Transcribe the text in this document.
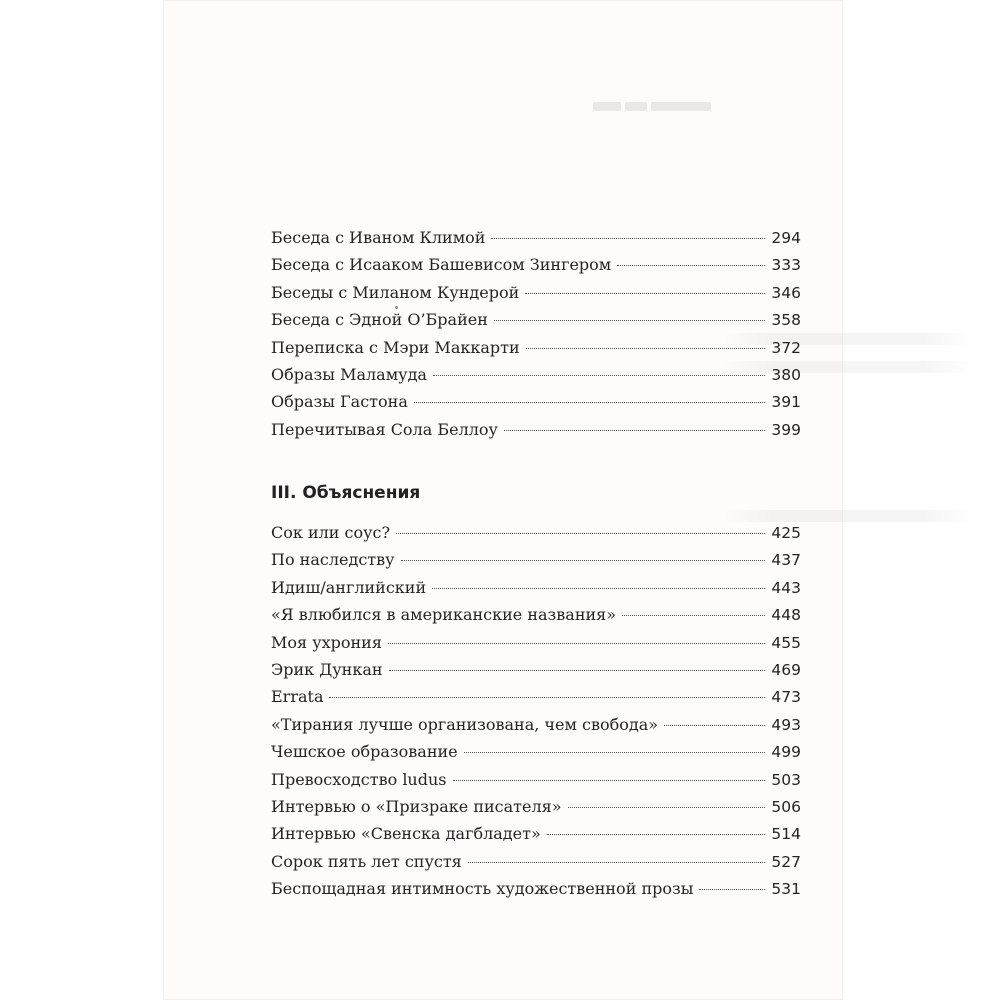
Беседа с Иваном Климой	294
Беседа с Исааком Башевисом Зингером	333
Беседы с Миланом Кундерой	346
Беседа с Эдной О’Брайен	358
Переписка с Мэри Маккарти	372
Образы Маламуда	380
Образы Гастона	391
Перечитывая Сола Беллоу	399
III. Объяснения
Сок или соус?	425
По наследству	437
Идиш/английский	443
«Я влюбился в американские названия»	448
Моя ухрония	455
Эрик Дункан	469
Errata	473
«Тирания лучше организована, чем свобода»	493
Чешское образование	499
Превосходство ludus	503
Интервью о «Призраке писателя»	506
Интервью «Свенска дагбладет»	514
Сорок пять лет спустя	527
Беспощадная интимность художественной прозы	531
